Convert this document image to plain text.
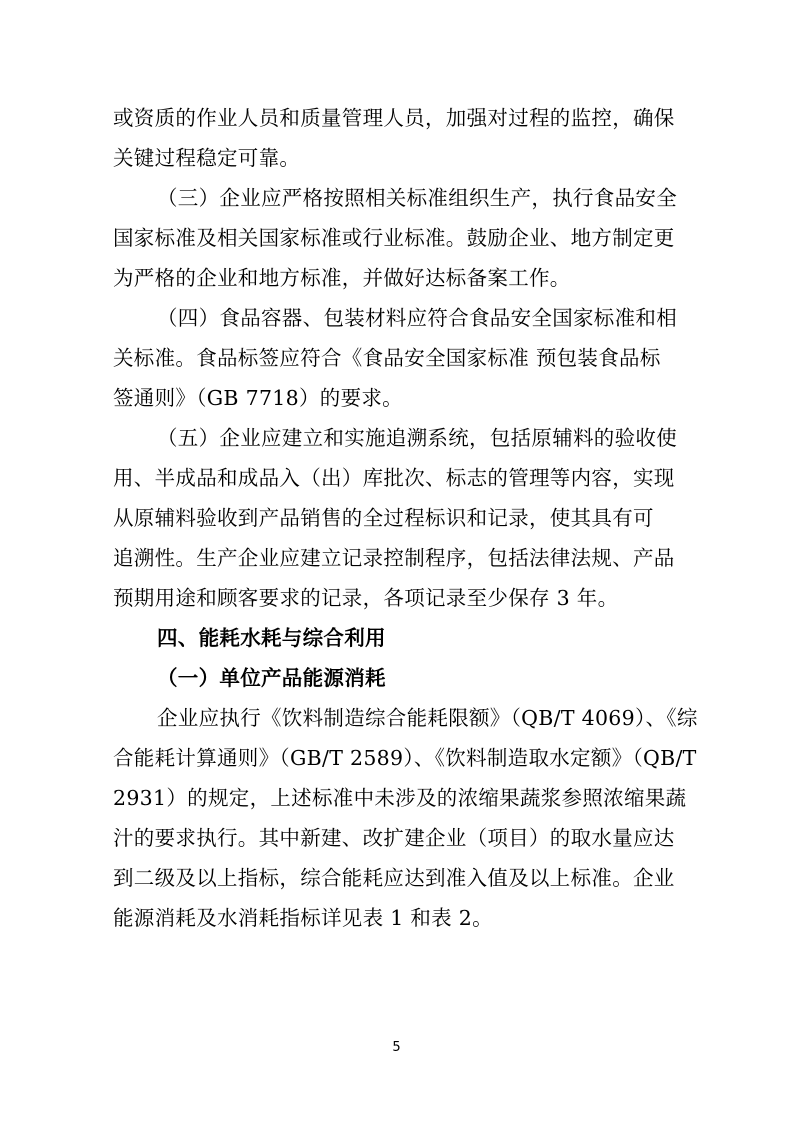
或资质的作业人员和质量管理人员，加强对过程的监控，确保
关键过程稳定可靠。
（三）企业应严格按照相关标准组织生产，执行食品安全
国家标准及相关国家标准或行业标准。鼓励企业、地方制定更
为严格的企业和地方标准，并做好达标备案工作。
（四）食品容器、包装材料应符合食品安全国家标准和相
关标准。食品标签应符合《食品安全国家标准 预包装食品标
签通则》（GB 7718）的要求。
（五）企业应建立和实施追溯系统，包括原辅料的验收使
用、半成品和成品入（出）库批次、标志的管理等内容，实现
从原辅料验收到产品销售的全过程标识和记录，使其具有可
追溯性。生产企业应建立记录控制程序，包括法律法规、产品
预期用途和顾客要求的记录，各项记录至少保存 3 年。
四、能耗水耗与综合利用
（一）单位产品能源消耗
企业应执行《饮料制造综合能耗限额》（QB/T 4069）、《综
合能耗计算通则》（GB/T 2589）、《饮料制造取水定额》（QB/T
2931）的规定，上述标准中未涉及的浓缩果蔬浆参照浓缩果蔬
汁的要求执行。其中新建、改扩建企业（项目）的取水量应达
到二级及以上指标，综合能耗应达到准入值及以上标准。企业
能源消耗及水消耗指标详见表 1 和表 2。
5
